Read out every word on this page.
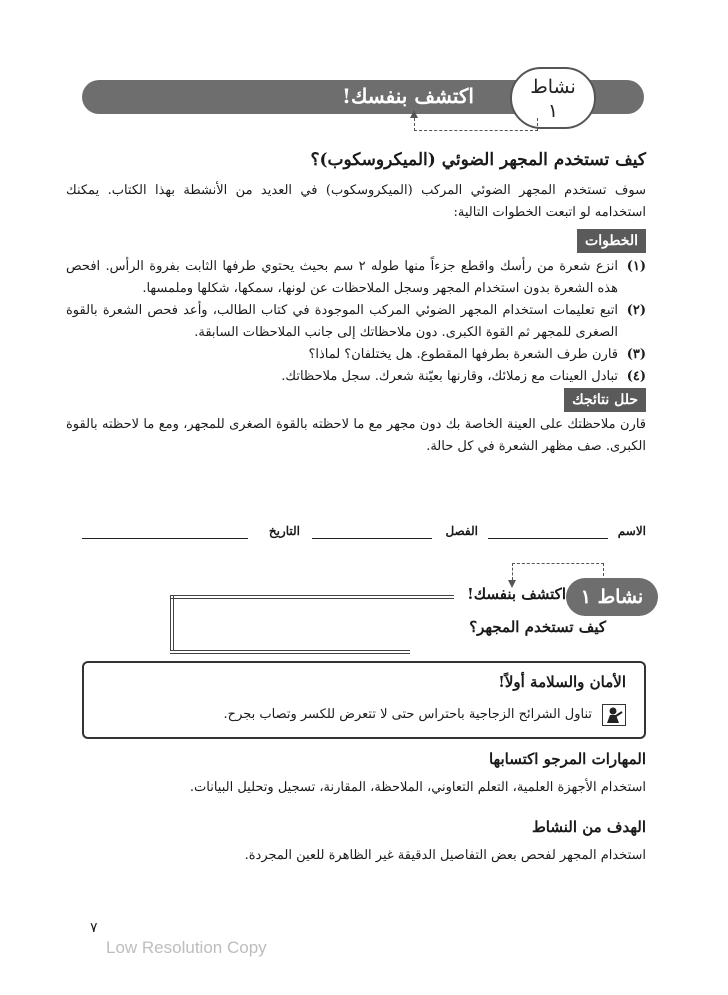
اكتشف بنفسك!	نشاط
١
كيف تستخدم المجهر الضوئي (الميكروسكوب)؟
سوف تستخدم المجهر الضوئي المركب (الميكروسكوب) في العديد من الأنشطة بهذا الكتاب. يمكنك استخدامه لو اتبعت الخطوات التالية:
الخطوات
(١)
انزع شعرة من رأسك واقطع جزءاً منها طوله ٢ سم بحيث يحتوي طرفها الثابت بفروة الرأس. افحص هذه الشعرة بدون استخدام المجهر وسجل الملاحظات عن لونها، سمكها، شكلها وملمسها.
(٢)
اتبع تعليمات استخدام المجهر الضوئي المركب الموجودة في كتاب الطالب، وأعد فحص الشعرة بالقوة الصغرى للمجهر ثم القوة الكبرى. دون ملاحظاتك إلى جانب الملاحظات السابقة.
(٣)
قارن طرف الشعرة بطرفها المقطوع. هل يختلفان؟ لماذا؟
(٤)
تبادل العينات مع زملائك، وقارنها بعيّنة شعرك. سجل ملاحظاتك.
حلل نتائجك
قارن ملاحظتك على العينة الخاصة بك دون مجهر مع ما لاحظته بالقوة الصغرى للمجهر، ومع ما لاحظته بالقوة الكبرى. صف مظهر الشعرة في كل حالة.
الاسم
الفصل
التاريخ
نشاط ١
اكتشف بنفسك!
كيف تستخدم المجهر؟
الأمان والسلامة أولاً!
تناول الشرائح الزجاجية باحتراس حتى لا تتعرض للكسر وتصاب بجرح.
المهارات المرجو اكتسابها
استخدام الأجهزة العلمية، التعلم التعاوني، الملاحظة، المقارنة، تسجيل وتحليل البيانات.
الهدف من النشاط
استخدام المجهر لفحص بعض التفاصيل الدقيقة غير الظاهرة للعين المجردة.
٧
Low Resolution Copy
